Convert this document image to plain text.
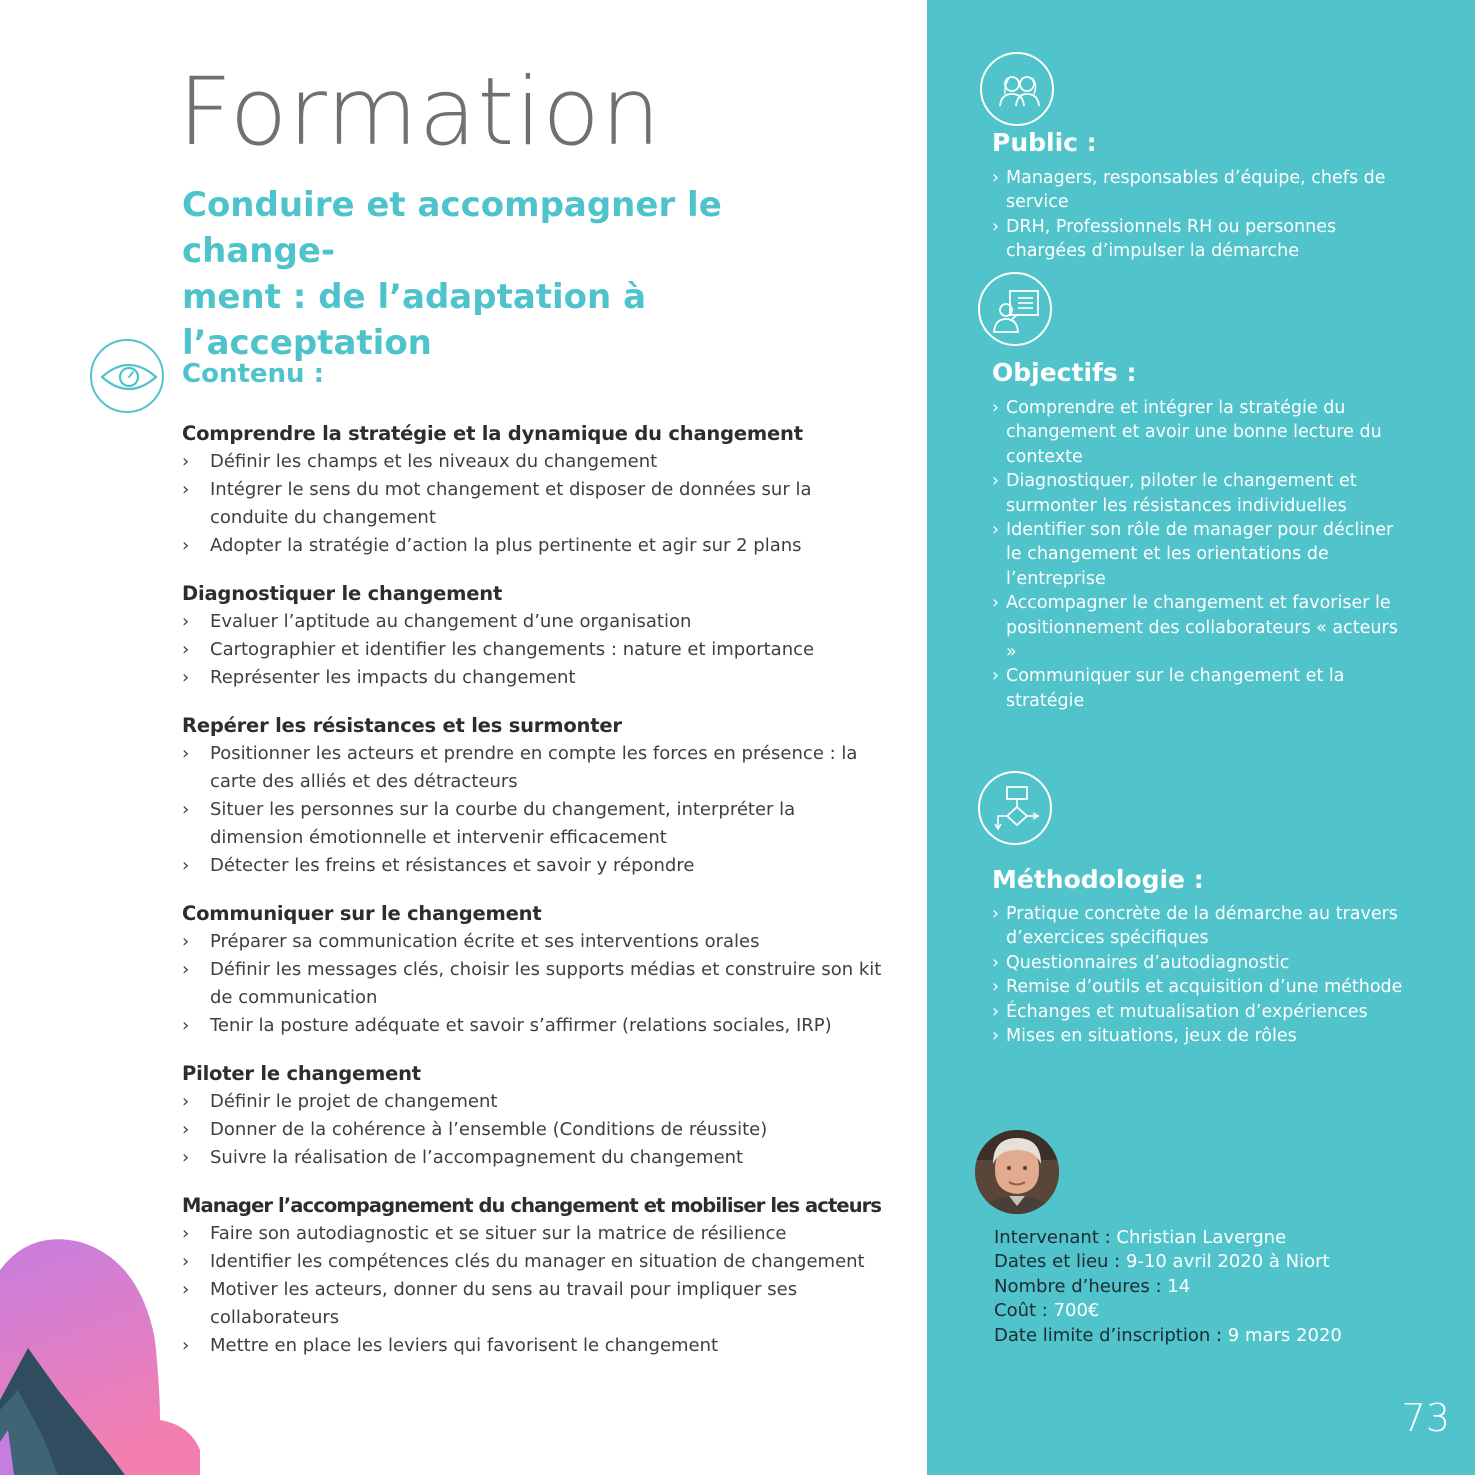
Formation
Conduire et accompagner le change-
ment : de l’adaptation à l’acceptation
Contenu :
Comprendre la stratégie et la dynamique du changement
› Définir les champs et les niveaux du changement
› Intégrer le sens du mot changement et disposer de données sur la conduite du changement
› Adopter la stratégie d’action la plus pertinente et agir sur 2 plans
Diagnostiquer le changement
› Evaluer l’aptitude au changement d’une organisation
› Cartographier et identifier les changements : nature et importance
› Représenter les impacts du changement
Repérer les résistances et les surmonter
› Positionner les acteurs et prendre en compte les forces en présence : la carte des alliés et des détracteurs
› Situer les personnes sur la courbe du changement, interpréter la dimension émotionnelle et intervenir efficacement
› Détecter les freins et résistances et savoir y répondre
Communiquer sur le changement
› Préparer sa communication écrite et ses interventions orales
› Définir les messages clés, choisir les supports médias et construire son kit de communication
› Tenir la posture adéquate et savoir s’affirmer (relations sociales, IRP)
Piloter le changement
› Définir le projet de changement
› Donner de la cohérence à l’ensemble (Conditions de réussite)
› Suivre la réalisation de l’accompagnement du changement
Manager l’accompagnement du changement et mobiliser les acteurs
› Faire son autodiagnostic et se situer sur la matrice de résilience
› Identifier les compétences clés du manager en situation de changement
› Motiver les acteurs, donner du sens au travail pour impliquer ses collaborateurs
› Mettre en place les leviers qui favorisent le changement
Public :
› Managers, responsables d’équipe, chefs de service
› DRH, Professionnels RH ou personnes chargées d’impulser la démarche
Objectifs :
› Comprendre et intégrer la stratégie du changement et avoir une bonne lecture du contexte
› Diagnostiquer, piloter le changement et surmonter les résistances individuelles
› Identifier son rôle de manager pour décliner le changement et les orientations de l’entreprise
› Accompagner le changement et favoriser le positionnement des collaborateurs « acteurs »
› Communiquer sur le changement et la stratégie
Méthodologie :
› Pratique concrète de la démarche au travers d’exercices spécifiques
› Questionnaires d’autodiagnostic
› Remise d’outils et acquisition d’une méthode
› Échanges et mutualisation d’expériences
› Mises en situations, jeux de rôles
Intervenant : Christian Lavergne
Dates et lieu : 9-10 avril 2020 à Niort
Nombre d’heures : 14
Coût : 700€
Date limite d’inscription : 9 mars 2020
73
